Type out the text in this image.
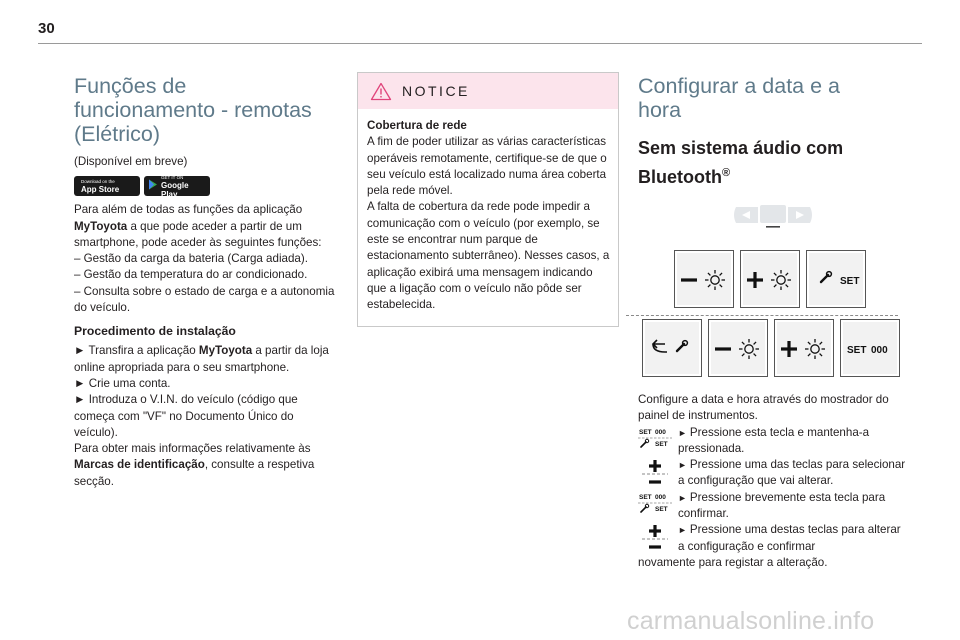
30
Funções de
funcionamento - remotas
(Elétrico)

(Disponível em breve)

Download on the
App Store
GET IT ON
Google Play

Para além de todas as funções da aplicação MyToyota a que pode aceder a partir de um smartphone, pode aceder às seguintes funções:

– Gestão da carga da bateria (Carga adiada).

– Gestão da temperatura do ar condicionado.

– Consulta sobre o estado de carga e a autonomia do veículo.

Procedimento de instalação

► Transfira a aplicação MyToyota a partir da loja online apropriada para o seu smartphone.

► Crie uma conta.

► Introduza o V.I.N. do veículo (código que começa com "VF" no Documento Único do veículo).

Para obter mais informações relativamente às Marcas de identificação, consulte a respetiva secção.

NOTICE

Cobertura de rede

A fim de poder utilizar as várias características operáveis remotamente, certifique-se de que o seu veículo está localizado numa área coberta pela rede móvel.
A falta de cobertura da rede pode impedir a comunicação com o veículo (por exemplo, se este se encontrar num parque de estacionamento subterrâneo). Nesses casos, a aplicação exibirá uma mensagem indicando que a ligação com o veículo não pôde ser estabelecida.

Configurar a data e a
hora
Sem sistema áudio com
Bluetooth®
SET
SET 000

Configure a data e hora através do mostrador do painel de instrumentos.

SET 000
SET

► Pressione esta tecla e mantenha-a pressionada.

► Pressione uma das teclas para selecionar a configuração que vai alterar.

SET 000
SET

► Pressione brevemente esta tecla para confirmar.

► Pressione uma destas teclas para alterar a configuração e confirmar

novamente para registar a alteração.

carmanualsonline.info
